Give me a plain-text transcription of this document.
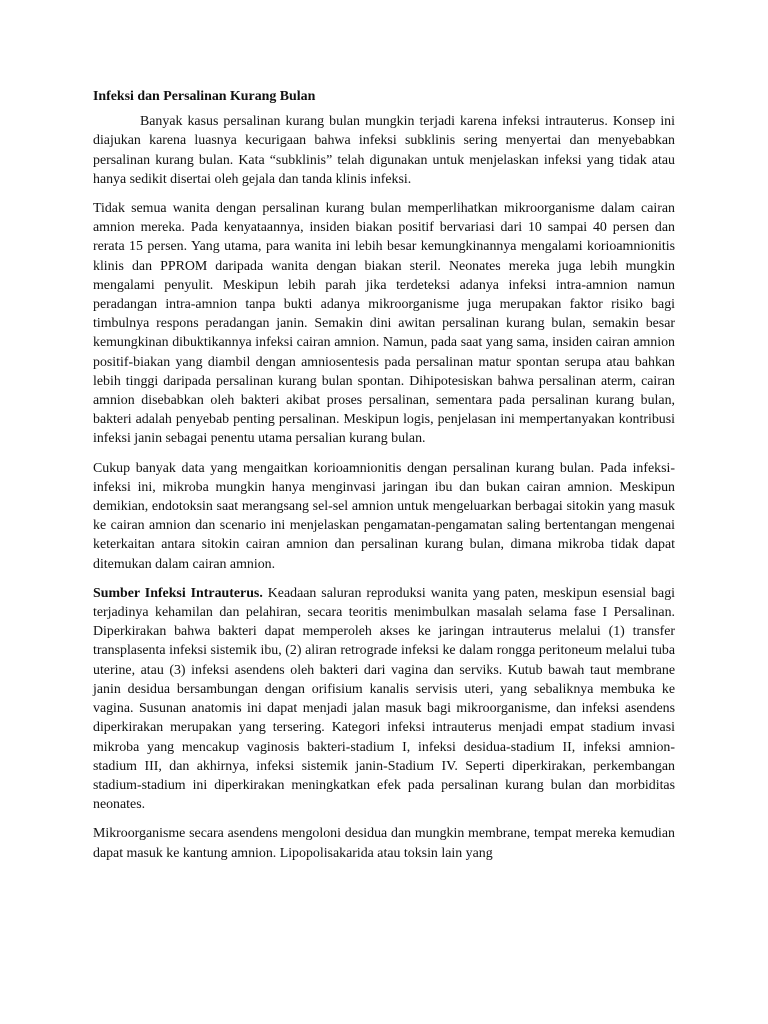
Infeksi dan Persalinan Kurang Bulan

Banyak kasus persalinan kurang bulan mungkin terjadi karena infeksi intrauterus. Konsep ini diajukan karena luasnya kecurigaan bahwa infeksi subklinis sering menyertai dan menyebabkan persalinan kurang bulan. Kata “subklinis” telah digunakan untuk menjelaskan infeksi yang tidak atau hanya sedikit disertai oleh gejala dan tanda klinis infeksi.

Tidak semua wanita dengan persalinan kurang bulan memperlihatkan mikroorganisme dalam cairan amnion mereka. Pada kenyataannya, insiden biakan positif bervariasi dari 10 sampai 40 persen dan rerata 15 persen. Yang utama, para wanita ini lebih besar kemungkinannya mengalami korioamnionitis klinis dan PPROM daripada wanita dengan biakan steril. Neonates mereka juga lebih mungkin mengalami penyulit. Meskipun lebih parah jika terdeteksi adanya infeksi intra-amnion namun peradangan intra-amnion tanpa bukti adanya mikroorganisme juga merupakan faktor risiko bagi timbulnya respons peradangan janin. Semakin dini awitan persalinan kurang bulan, semakin besar kemungkinan dibuktikannya infeksi cairan amnion. Namun, pada saat yang sama, insiden cairan amnion positif-biakan yang diambil dengan amniosentesis pada persalinan matur spontan serupa atau bahkan lebih tinggi daripada persalinan kurang bulan spontan. Dihipotesiskan bahwa persalinan aterm, cairan amnion disebabkan oleh bakteri akibat proses persalinan, sementara pada persalinan kurang bulan, bakteri adalah penyebab penting persalinan. Meskipun logis, penjelasan ini mempertanyakan kontribusi infeksi janin sebagai penentu utama persalian kurang bulan.

Cukup banyak data yang mengaitkan korioamnionitis dengan persalinan kurang bulan. Pada infeksi-infeksi ini, mikroba mungkin hanya menginvasi jaringan ibu dan bukan cairan amnion. Meskipun demikian, endotoksin saat merangsang sel-sel amnion untuk mengeluarkan berbagai sitokin yang masuk ke cairan amnion dan scenario ini menjelaskan pengamatan-pengamatan saling bertentangan mengenai keterkaitan antara sitokin cairan amnion dan persalinan kurang bulan, dimana mikroba tidak dapat ditemukan dalam cairan amnion.

Sumber Infeksi Intrauterus. Keadaan saluran reproduksi wanita yang paten, meskipun esensial bagi terjadinya kehamilan dan pelahiran, secara teoritis menimbulkan masalah selama fase I Persalinan. Diperkirakan bahwa bakteri dapat memperoleh akses ke jaringan intrauterus melalui (1) transfer transplasenta infeksi sistemik ibu, (2) aliran retrograde infeksi ke dalam rongga peritoneum melalui tuba uterine, atau (3) infeksi asendens oleh bakteri dari vagina dan serviks. Kutub bawah taut membrane janin desidua bersambungan dengan orifisium kanalis servisis uteri, yang sebaliknya membuka ke vagina. Susunan anatomis ini dapat menjadi jalan masuk bagi mikroorganisme, dan infeksi asendens diperkirakan merupakan yang tersering. Kategori infeksi intrauterus menjadi empat stadium invasi mikroba yang mencakup vaginosis bakteri-stadium I, infeksi desidua-stadium II, infeksi amnion-stadium III, dan akhirnya, infeksi sistemik janin-Stadium IV. Seperti diperkirakan, perkembangan stadium-stadium ini diperkirakan meningkatkan efek pada persalinan kurang bulan dan morbiditas neonates.

Mikroorganisme secara asendens mengoloni desidua dan mungkin membrane, tempat mereka kemudian dapat masuk ke kantung amnion. Lipopolisakarida atau toksin lain yang
